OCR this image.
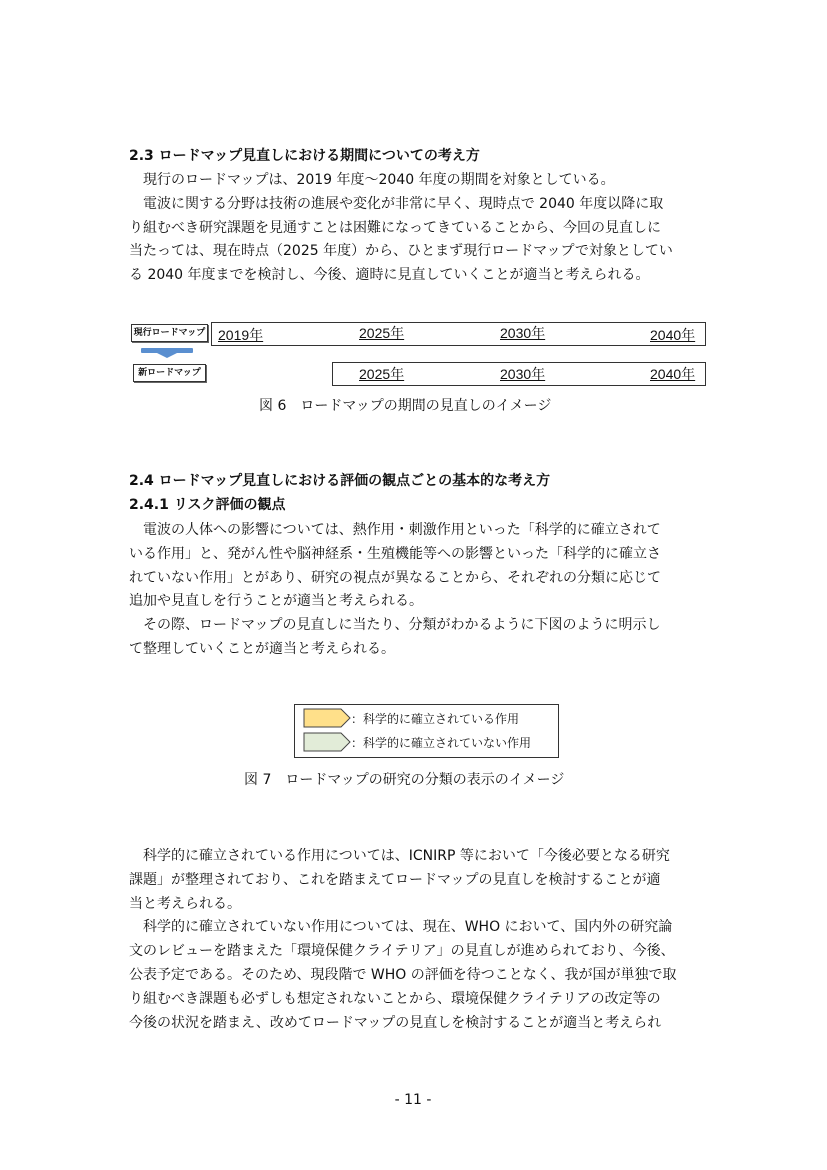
2.3 ロードマップ見直しにおける期間についての考え方
　現行のロードマップは、2019 年度〜2040 年度の期間を対象としている。
　電波に関する分野は技術の進展や変化が非常に早く、現時点で 2040 年度以降に取
り組むべき研究課題を見通すことは困難になってきていることから、今回の見直しに
当たっては、現在時点（2025 年度）から、ひとまず現行ロードマップで対象としてい
る 2040 年度までを検討し、今後、適時に見直していくことが適当と考えられる。
現行ロードマップ 2019年	2025年	2030年	2040年
新ロードマップ	2025年	2030年	2040年
図 6　ロードマップの期間の見直しのイメージ
2.4 ロードマップ見直しにおける評価の観点ごとの基本的な考え方
2.4.1 リスク評価の観点
　電波の人体への影響については、熱作用・刺激作用といった「科学的に確立されて
いる作用」と、発がん性や脳神経系・生殖機能等への影響といった「科学的に確立さ
れていない作用」とがあり、研究の視点が異なることから、それぞれの分類に応じて
追加や見直しを行うことが適当と考えられる。
　その際、ロードマップの見直しに当たり、分類がわかるように下図のように明示し
て整理していくことが適当と考えられる。
：科学的に確立されている作用
：科学的に確立されていない作用
図 7　ロードマップの研究の分類の表示のイメージ
　科学的に確立されている作用については、ICNIRP 等において「今後必要となる研究
課題」が整理されており、これを踏まえてロードマップの見直しを検討することが適
当と考えられる。
　科学的に確立されていない作用については、現在、WHO において、国内外の研究論
文のレビューを踏まえた「環境保健クライテリア」の見直しが進められており、今後、
公表予定である。そのため、現段階で WHO の評価を待つことなく、我が国が単独で取
り組むべき課題も必ずしも想定されないことから、環境保健クライテリアの改定等の
今後の状況を踏まえ、改めてロードマップの見直しを検討することが適当と考えられ
- 11 -
